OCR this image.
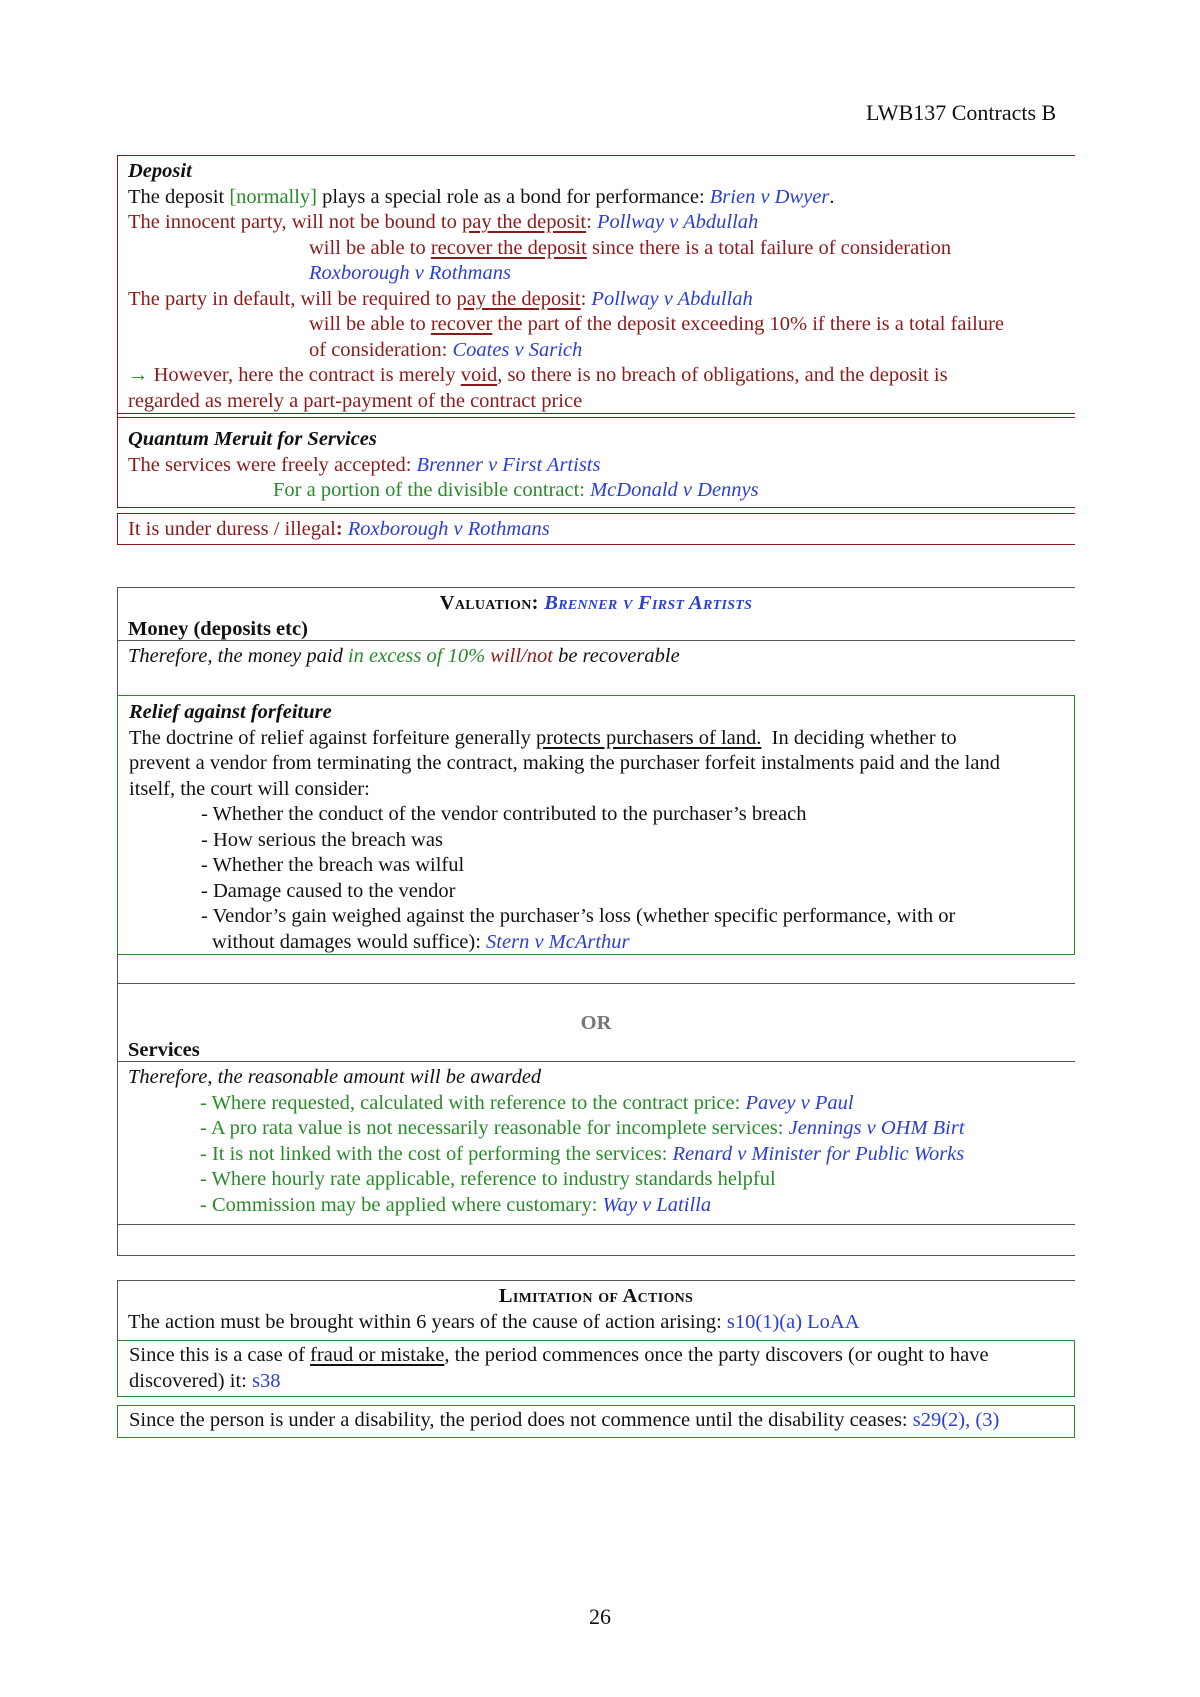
LWB137 Contracts B
Deposit
The deposit [normally] plays a special role as a bond for performance: Brien v Dwyer.
The innocent party, will not be bound to pay the deposit: Pollway v Abdullah
will be able to recover the deposit since there is a total failure of consideration
Roxborough v Rothmans
The party in default, will be required to pay the deposit: Pollway v Abdullah
will be able to recover the part of the deposit exceeding 10% if there is a total failure
of consideration: Coates v Sarich
→ However, here the contract is merely void, so there is no breach of obligations, and the deposit is
regarded as merely a part-payment of the contract price
Quantum Meruit for Services
The services were freely accepted: Brenner v First Artists
For a portion of the divisible contract: McDonald v Dennys
It is under duress / illegal: Roxborough v Rothmans
Valuation: Brenner v First Artists
Money (deposits etc)
Therefore, the money paid in excess of 10% will/not be recoverable
Relief against forfeiture
The doctrine of relief against forfeiture generally protects purchasers of land.  In deciding whether to
prevent a vendor from terminating the contract, making the purchaser forfeit instalments paid and the land
itself, the court will consider:
- Whether the conduct of the vendor contributed to the purchaser’s breach
- How serious the breach was
- Whether the breach was wilful
- Damage caused to the vendor
- Vendor’s gain weighed against the purchaser’s loss (whether specific performance, with or
without damages would suffice): Stern v McArthur
OR
Services
Therefore, the reasonable amount will be awarded
- Where requested, calculated with reference to the contract price: Pavey v Paul
- A pro rata value is not necessarily reasonable for incomplete services: Jennings v OHM Birt
- It is not linked with the cost of performing the services: Renard v Minister for Public Works
- Where hourly rate applicable, reference to industry standards helpful
- Commission may be applied where customary: Way v Latilla
Limitation of Actions
The action must be brought within 6 years of the cause of action arising: s10(1)(a) LoAA
Since this is a case of fraud or mistake, the period commences once the party discovers (or ought to have
discovered) it: s38
Since the person is under a disability, the period does not commence until the disability ceases: s29(2), (3)
26
